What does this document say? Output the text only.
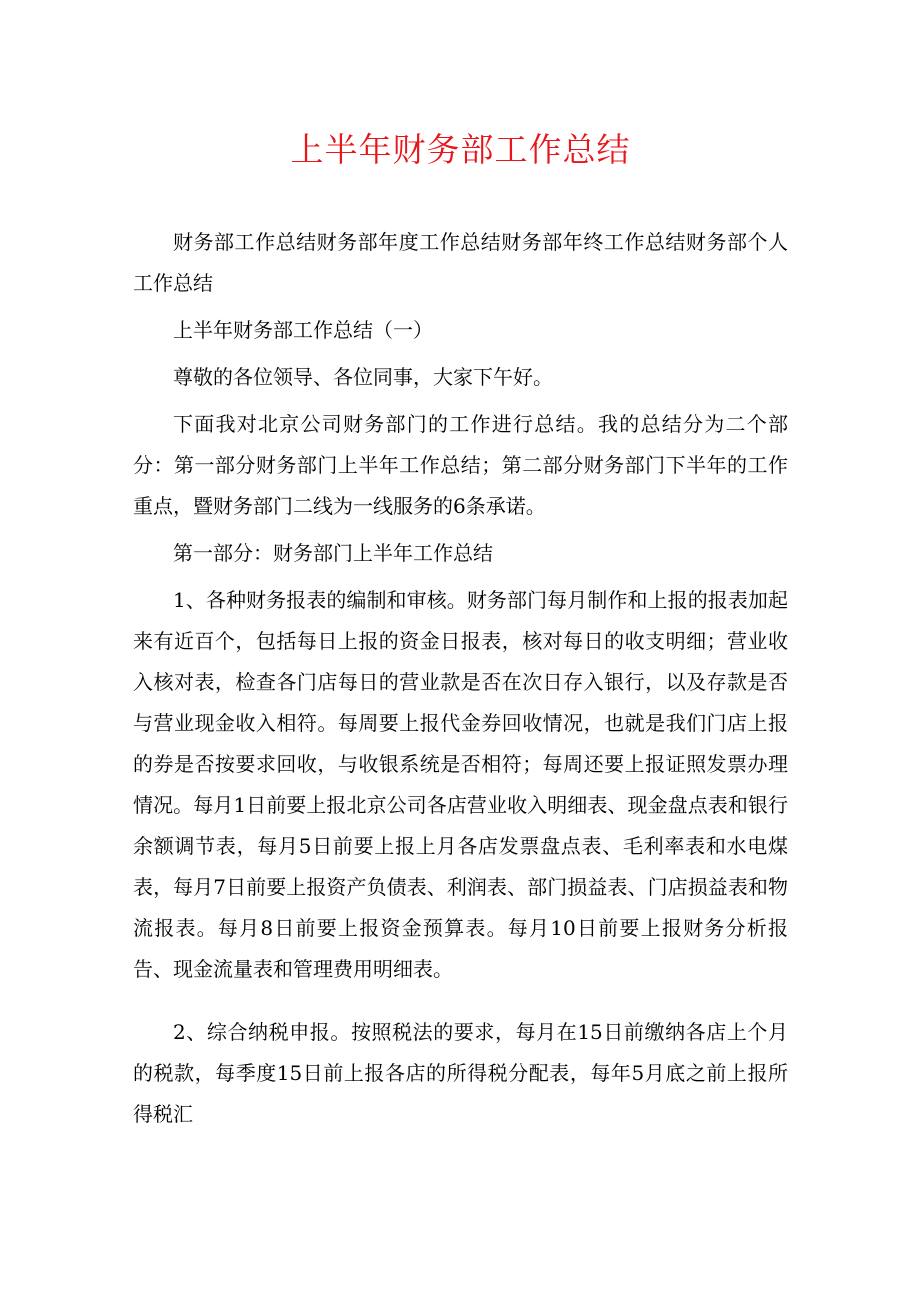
上半年财务部工作总结

财务部工作总结财务部年度工作总结财务部年终工作总结财务部个人工作总结

上半年财务部工作总结（一）

尊敬的各位领导、各位同事，大家下午好。

下面我对北京公司财务部门的工作进行总结。我的总结分为二个部分：第一部分财务部门上半年工作总结；第二部分财务部门下半年的工作重点，暨财务部门二线为一线服务的6条承诺。

第一部分：财务部门上半年工作总结

1、各种财务报表的编制和审核。财务部门每月制作和上报的报表加起来有近百个，包括每日上报的资金日报表，核对每日的收支明细；营业收入核对表，检查各门店每日的营业款是否在次日存入银行，以及存款是否与营业现金收入相符。每周要上报代金券回收情况，也就是我们门店上报的券是否按要求回收，与收银系统是否相符；每周还要上报证照发票办理情况。每月1日前要上报北京公司各店营业收入明细表、现金盘点表和银行余额调节表，每月5日前要上报上月各店发票盘点表、毛利率表和水电煤表，每月7日前要上报资产负债表、利润表、部门损益表、门店损益表和物流报表。每月8日前要上报资金预算表。每月10日前要上报财务分析报告、现金流量表和管理费用明细表。

2、综合纳税申报。按照税法的要求，每月在15日前缴纳各店上个月的税款，每季度15日前上报各店的所得税分配表，每年5月底之前上报所得税汇
